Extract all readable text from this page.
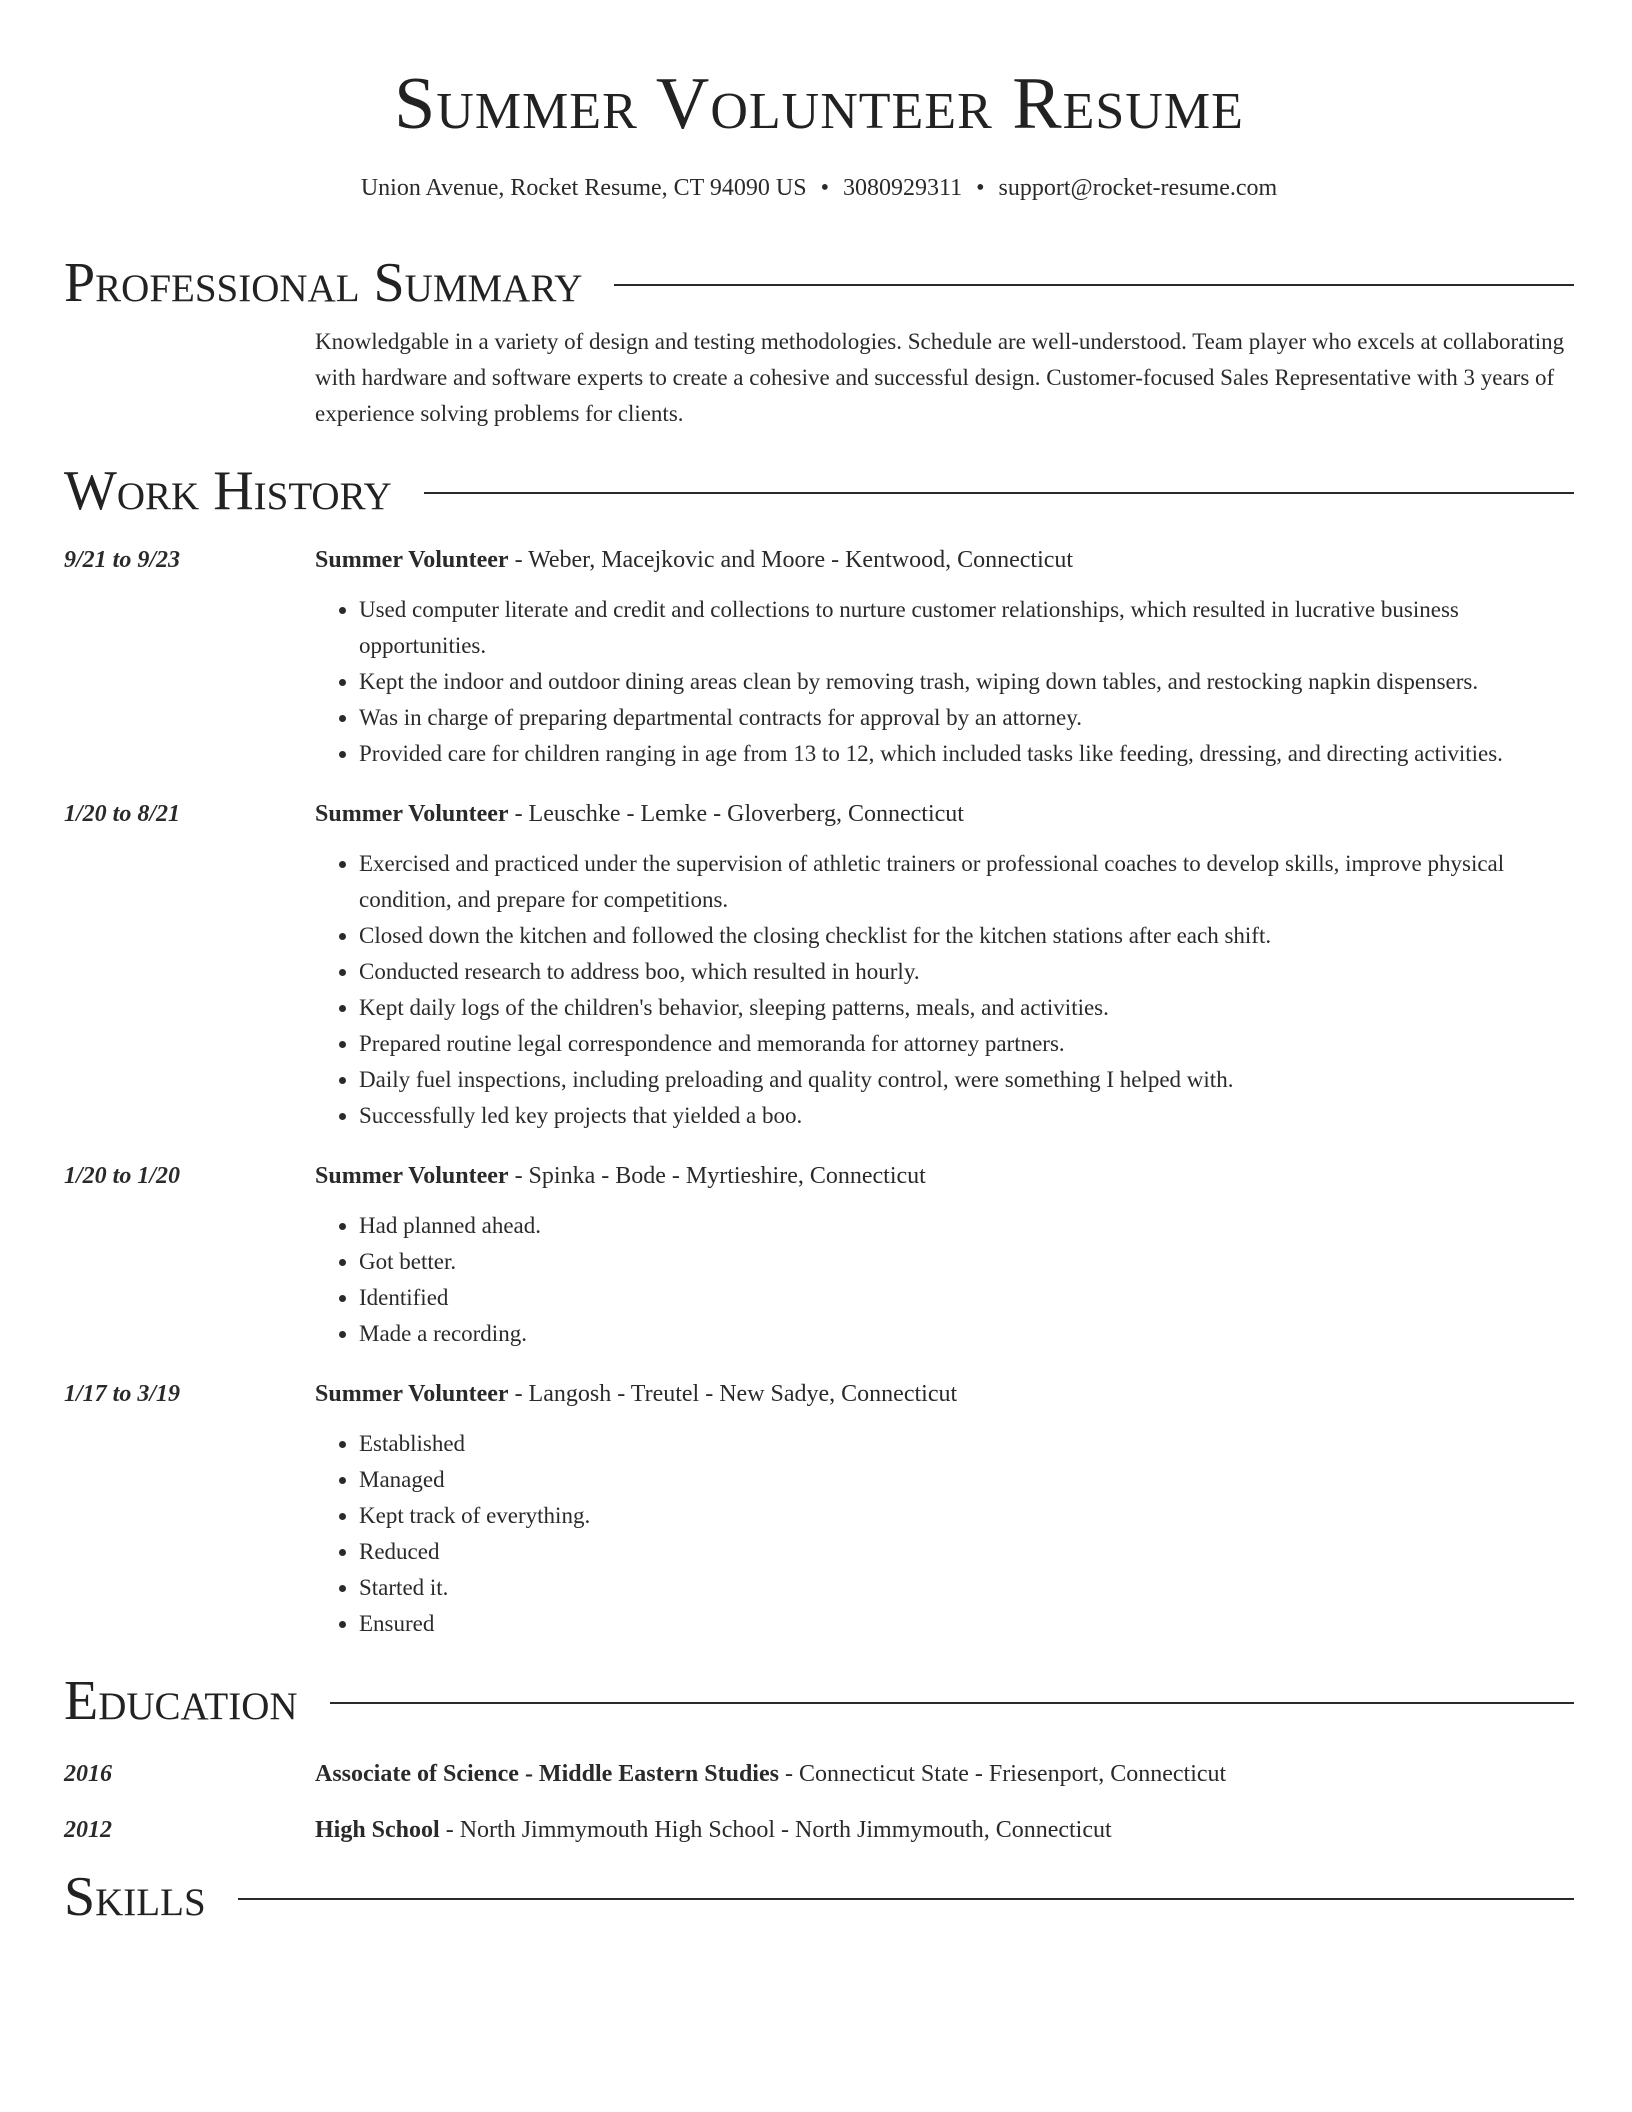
Summer Volunteer Resume
Union Avenue, Rocket Resume, CT 94090 US • 3080929311 • support@rocket-resume.com
Professional Summary
Knowledgable in a variety of design and testing methodologies. Schedule are well-understood. Team player who excels at collaborating with hardware and software experts to create a cohesive and successful design. Customer-focused Sales Representative with 3 years of experience solving problems for clients.
Work History
9/21 to 9/23	Summer Volunteer - Weber, Macejkovic and Moore - Kentwood, Connecticut
• Used computer literate and credit and collections to nurture customer relationships, which resulted in lucrative business opportunities.
• Kept the indoor and outdoor dining areas clean by removing trash, wiping down tables, and restocking napkin dispensers.
• Was in charge of preparing departmental contracts for approval by an attorney.
• Provided care for children ranging in age from 13 to 12, which included tasks like feeding, dressing, and directing activities.
1/20 to 8/21	Summer Volunteer - Leuschke - Lemke - Gloverberg, Connecticut
• Exercised and practiced under the supervision of athletic trainers or professional coaches to develop skills, improve physical condition, and prepare for competitions.
• Closed down the kitchen and followed the closing checklist for the kitchen stations after each shift.
• Conducted research to address boo, which resulted in hourly.
• Kept daily logs of the children's behavior, sleeping patterns, meals, and activities.
• Prepared routine legal correspondence and memoranda for attorney partners.
• Daily fuel inspections, including preloading and quality control, were something I helped with.
• Successfully led key projects that yielded a boo.
1/20 to 1/20	Summer Volunteer - Spinka - Bode - Myrtieshire, Connecticut
• Had planned ahead.
• Got better.
• Identified
• Made a recording.
1/17 to 3/19	Summer Volunteer - Langosh - Treutel - New Sadye, Connecticut
• Established
• Managed
• Kept track of everything.
• Reduced
• Started it.
• Ensured
Education
2016	Associate of Science - Middle Eastern Studies - Connecticut State - Friesenport, Connecticut
2012	High School - North Jimmymouth High School - North Jimmymouth, Connecticut
Skills
